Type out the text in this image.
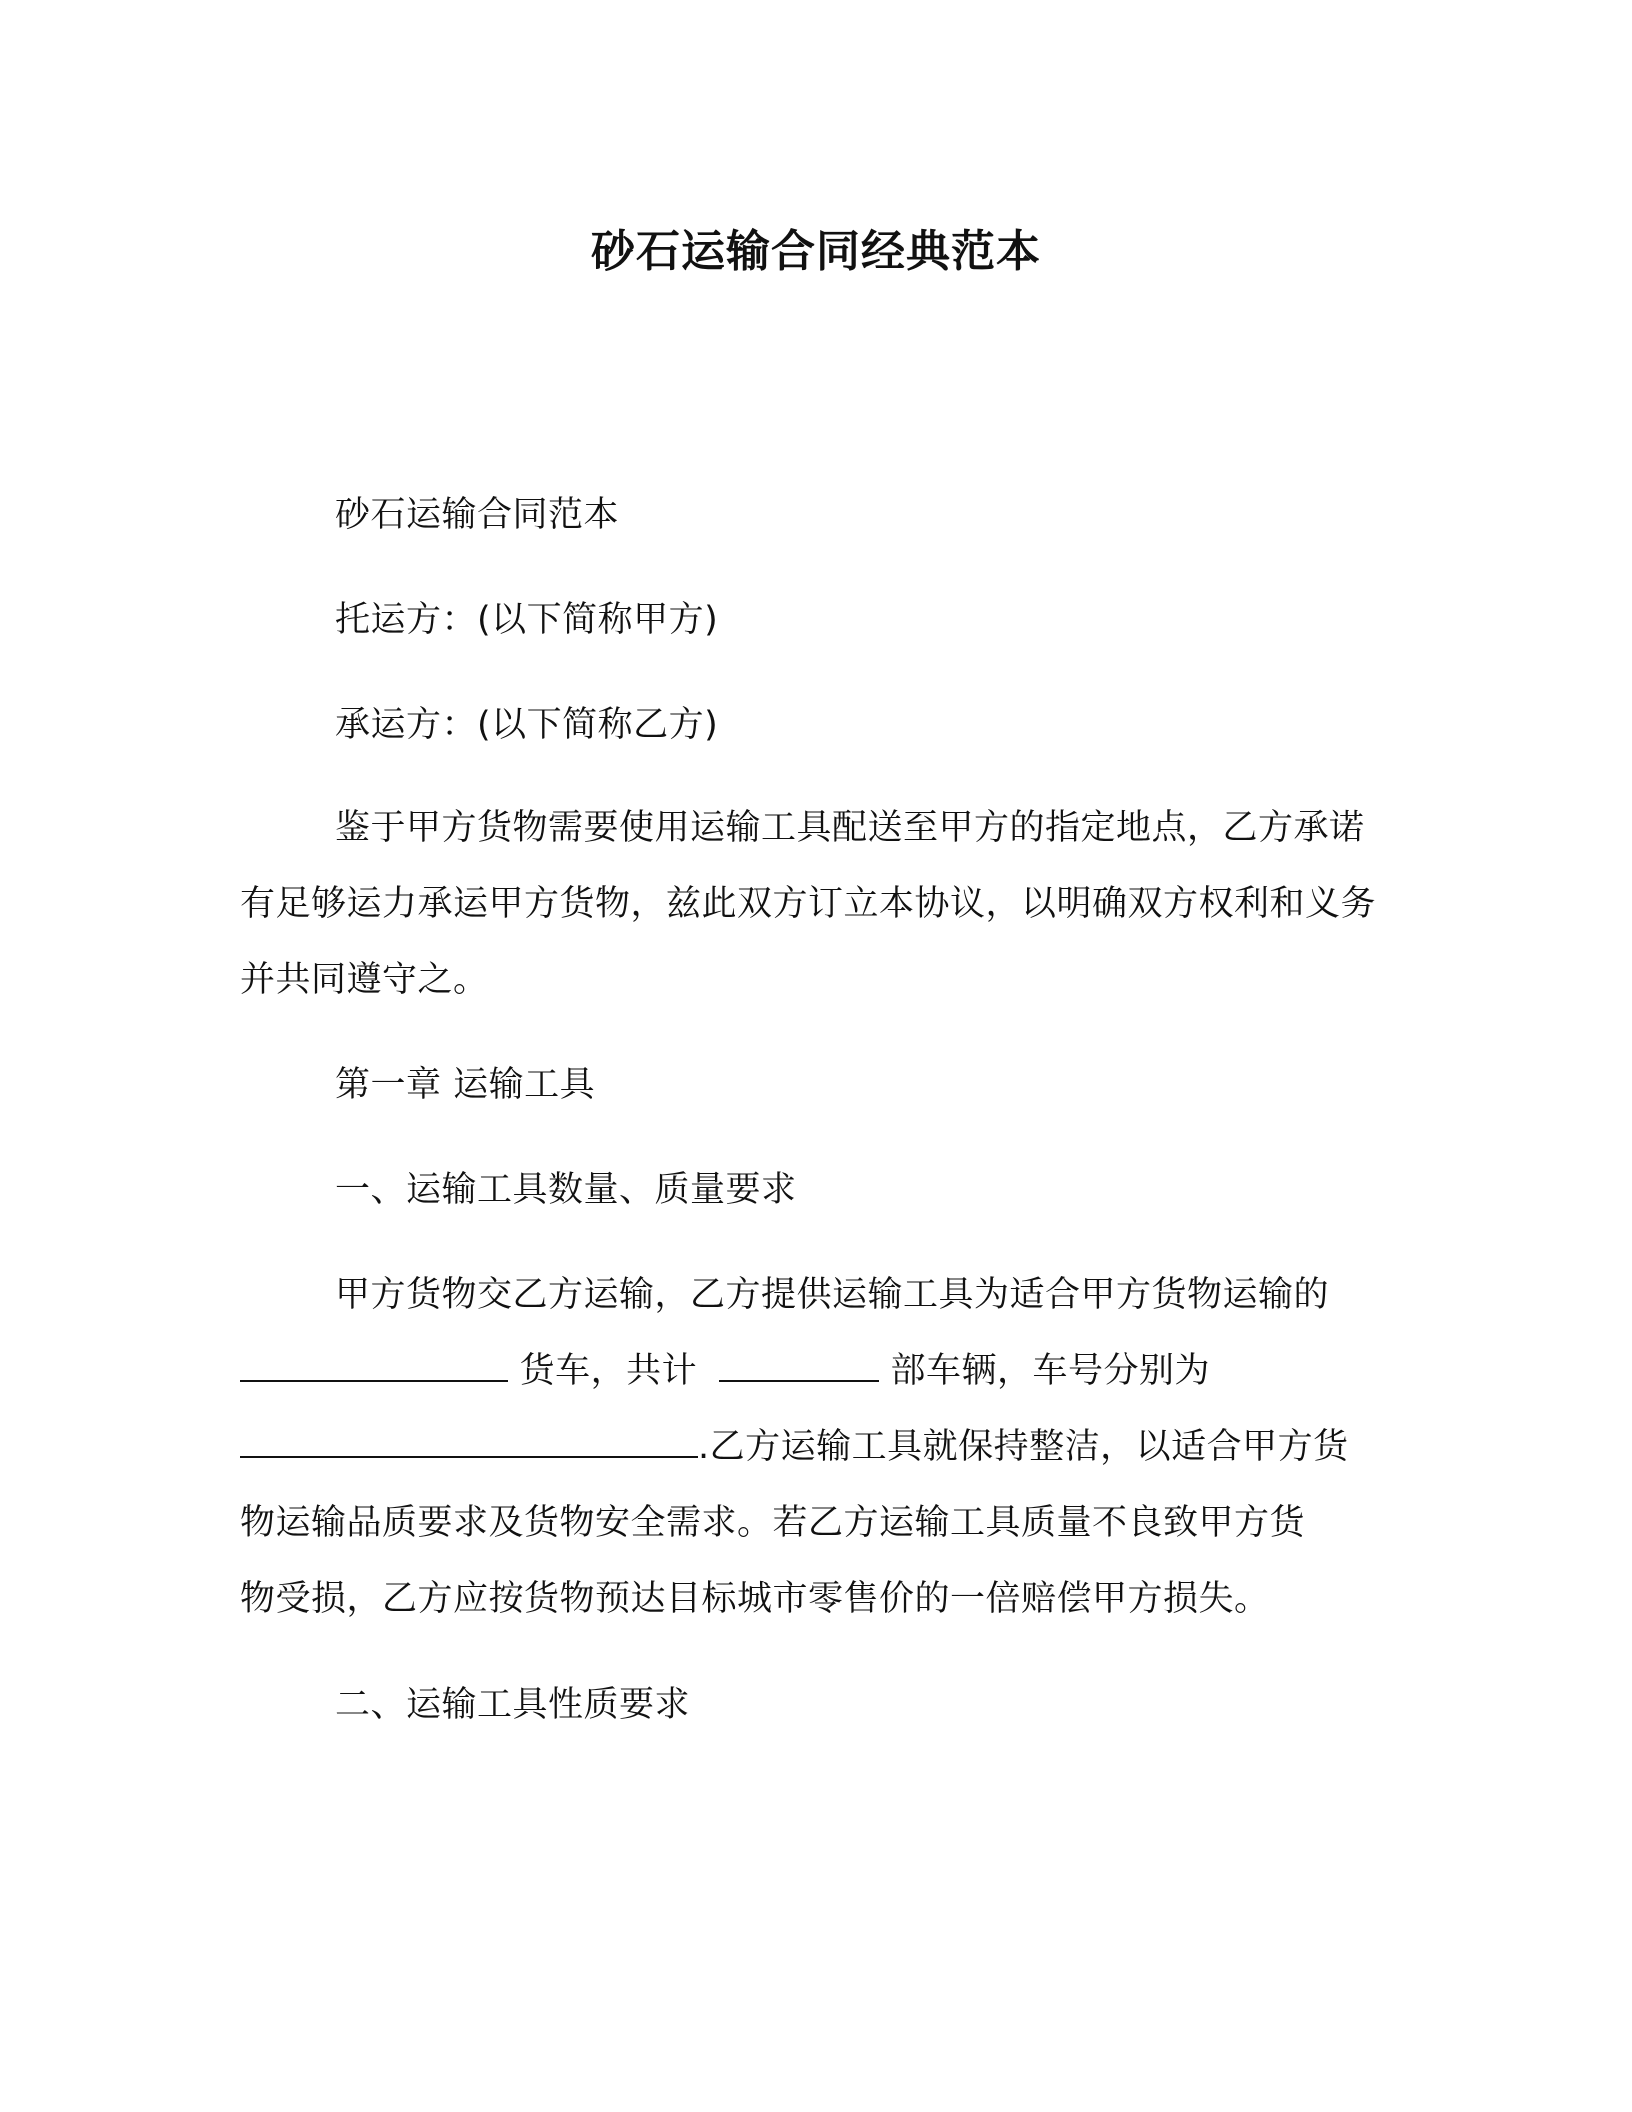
砂石运输合同经典范本

砂石运输合同范本

托运方：(以下简称甲方)

承运方：(以下简称乙方)

鉴于甲方货物需要使用运输工具配送至甲方的指定地点，乙方承诺有足够运力承运甲方货物，兹此双方订立本协议，以明确双方权利和义务并共同遵守之。

第一章 运输工具

一、运输工具数量、质量要求

甲方货物交乙方运输，乙方提供运输工具为适合甲方货物运输的
货车，共计	部车辆，车号分别为
.乙方运输工具就保持整洁，以适合甲方货
物运输品质要求及货物安全需求。若乙方运输工具质量不良致甲方货
物受损，乙方应按货物预达目标城市零售价的一倍赔偿甲方损失。

二、运输工具性质要求
